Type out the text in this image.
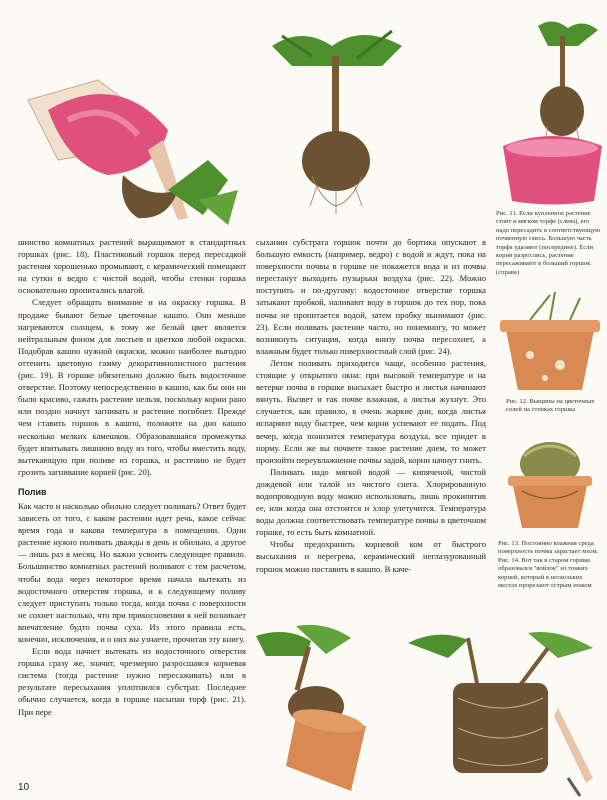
шинство комнатных растений выращивают в стандартных горшках (рис. 18). Пластиковый горшок перед пересадкой растения хорошенько промывают, с керамический помещают на сутки в ведро с чистой водой, чтобы стенки горшка основательно пропитались влагой.

Следует обращать внимание и на окраску горшка. В продаже бывают белые цветочные кашпо. Они меньше нагреваются солнцем, к тому же белый цвет является нейтральным фоном для листьев и цветков любой окраски. Подобрав кашпо нужной окраски, можно наиболее выгодно оттенить цветовую гамму декоративнолистного растения (рис. 19). В горшке обязательно должно быть водосточное отверстие. Поэтому непосредственно в кашпо, как бы они ни было красиво, сажать растение нельзя, поскольку корни рано или поздно начнут загнивать и растение погибнет. Прежде чем ставить горшок в кашпо, положите на дно кашпо несколько мелких камешков. Образовавшаяся промежутка будет впитывать лишнюю воду из того, чтобы вместить воду, вытекающую при поливе из горшка, и растению не будет грозить загнивание корней (рис. 20).

Полив

Как часто и насколько обильно следует поливать? Ответ будет зависеть от того, с каком растении идет речь, какое сейчас время года и какова температура в помещении. Одни растение нужно поливать дважды в день и обильно, а другое — лишь раз в месяц. Но важно усвоить следующее правило. Большинство комнатных растений поливают с тем расчетом, чтобы вода через некоторое время начала вытекать из водосточного отверстия горшка, и к следующему поливу следует приступать только тогда, когда почва с поверхности не сохнет настолько, что при прикосновении к ней возникает впечатление будто почва суха. Из этого правила есть, конечно, исключения, и о них вы узнаете, прочитав эту книгу.

Если вода начнет вытекать из водосточного отверстия горшка сразу же, значит, чрезмерно разросшаяся корневая система (тогда растение нужно пересаживать) или в результате пересыхания уплотнился субстрат. Последнее обычно случается, когда в горшке насыпан торф (рис. 21). При пере

сыхании субстрата горшок почти до бортика опускают в большую емкость (например, ведро) с водой и ждут, пока на поверхности почвы в горшке не покажется вода и из почвы перестанут выходить пузырьки воздуха (рис. 22). Можно поступить и по-другому: водосточное отверстие горшка затыкают пробкой, наливают воду в горшок до тех пор, пока почва не пропитается водой, затем пробку вынимают (рис. 23). Если поливать растение часто, но понемногу, то может возникнуть ситуация, когда внизу почва пересохнет, а влажным будет только поверхностный слой (рис. 24).

Летом поливать приходится чаще, особенно растения, стоящие у открытого окна: при высокой температуре и на ветерке почва в горшке высыхает быстро и листья начинают вянуть. Вызвет и так почве влажная, а листья жухнут. Это случается, как правило, в очень жаркие дни, когда листья испаряют воду быстрее, чем корни успевают ее подать. Под вечер, когда понизится температура воздуха, все придет в норму. Если же вы почвете такое растение днем, то может произойти переувлажнение почвы задой, корни начнут гнить.

Поливать надо мягкой водой — кипяченой, чистой дождевой или талой из чистого снега. Хлорированную водопроводную воду можно использовать, лишь прокипятив ее, или когда она отстоится и хлор улетучится. Температура воды должна соответствовать температуре почвы в цветочном горшке, то есть быть комнатной.

Чтобы предохранить корневой ком от быстрого высыхания и перегрева, керамический неглазурованный горшок можно поставить в кашпо. В каче-

Рис. 11. Если купленное растение стоит в мягком торфе (слева), его надо пересадить в соответствующую почвенную смесь. Большую часть торфа удаляют (посередине). Если корни разрослись, растение пересаживают в больший горшок (справа)
Рис. 12. Выщипы на цветочных солей на стенках горшка
Рис. 13. Постоянно влажная среда поверхность почвы зарастает мхом. Рис. 14. Вот так в старом горшке образовался "войлок" из тонких корней, который в нескольких местах прорезают острым ножом
10
